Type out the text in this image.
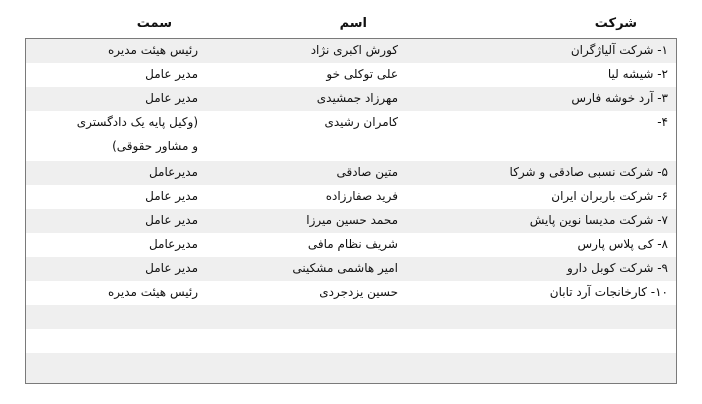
شرکت
اسم
سمت
۱- شرکت آلیاژگران
کورش اکبری نژاد
رئیس هیئت مدیره
۲- شیشه لیا
علی توکلی خو
مدیر عامل
۳- آرد خوشه فارس
مهرزاد جمشیدی
مدیر عامل
۴-
کامران رشیدی
(وکیل پایه یک دادگستری
و مشاور حقوقی)
۵- شرکت نسبی صادقی و شرکا
متین صادقی
مدیرعامل
۶- شرکت باربران ایران
فرید صفارزاده
مدیر عامل
۷- شرکت مدیسا نوین پایش
محمد حسین میرزا
مدیر عامل
۸- کی پلاس پارس
شریف نظام مافی
مدیرعامل
۹- شرکت کوبل دارو
امیر هاشمی مشکینی
مدیر عامل
۱۰- کارخانجات آرد تابان
حسین یزدجردی
رئیس هیئت مدیره
